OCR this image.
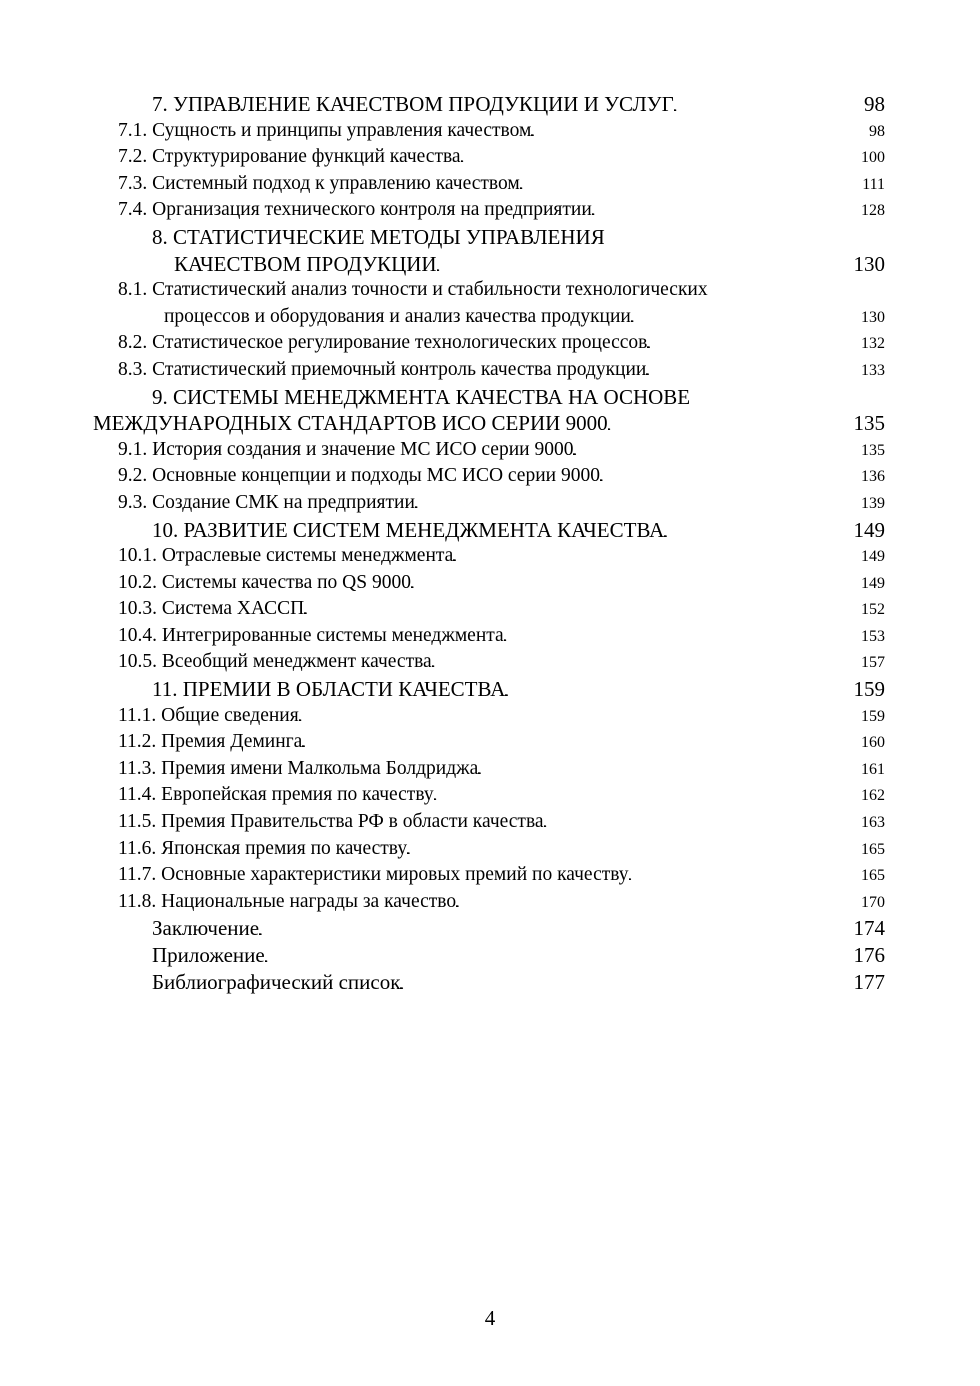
7. УПРАВЛЕНИЕ КАЧЕСТВОМ ПРОДУКЦИИ И УСЛУГ . . .	98
7.1. Сущность и принципы управления качеством . . .	98
7.2. Структурирование функций качества . . .	100
7.3. Системный подход к управлению качеством . . .	111
7.4. Организация технического контроля на предприятии . . .	128
8. СТАТИСТИЧЕСКИЕ МЕТОДЫ УПРАВЛЕНИЯ
КАЧЕСТВОМ ПРОДУКЦИИ . . .	130
8.1. Статистический анализ точности и стабильности технологических
процессов и оборудования и анализ качества продукции . . .	130
8.2. Статистическое регулирование технологических процессов . . .	132
8.3. Статистический приемочный контроль качества продукции . . .	133
9. СИСТЕМЫ МЕНЕДЖМЕНТА КАЧЕСТВА НА ОСНОВЕ
МЕЖДУНАРОДНЫХ СТАНДАРТОВ ИСО СЕРИИ 9000 . . .	135
9.1. История создания и значение МС ИСО серии 9000 . . .	135
9.2. Основные концепции и подходы МС ИСО серии 9000 . . .	136
9.3. Создание СМК на предприятии . . .	139
10. РАЗВИТИЕ СИСТЕМ МЕНЕДЖМЕНТА КАЧЕСТВА . . .	149
10.1. Отраслевые системы менеджмента . . .	149
10.2. Системы качества по QS 9000 . . .	149
10.3. Система ХАССП . . .	152
10.4. Интегрированные системы менеджмента . . .	153
10.5. Всеобщий менеджмент качества . . .	157
11. ПРЕМИИ В ОБЛАСТИ КАЧЕСТВА . . .	159
11.1. Общие сведения . . .	159
11.2. Премия Деминга . . .	160
11.3. Премия имени Малкольма Болдриджа . . .	161
11.4. Европейская премия по качеству . . .	162
11.5. Премия Правительства РФ в области качества . . .	163
11.6. Японская премия по качеству . . .	165
11.7. Основные характеристики мировых премий по качеству . . .	165
11.8. Национальные награды за качество . . .	170
Заключение . . .	174
Приложение . . .	176
Библиографический список . . .	177
4
